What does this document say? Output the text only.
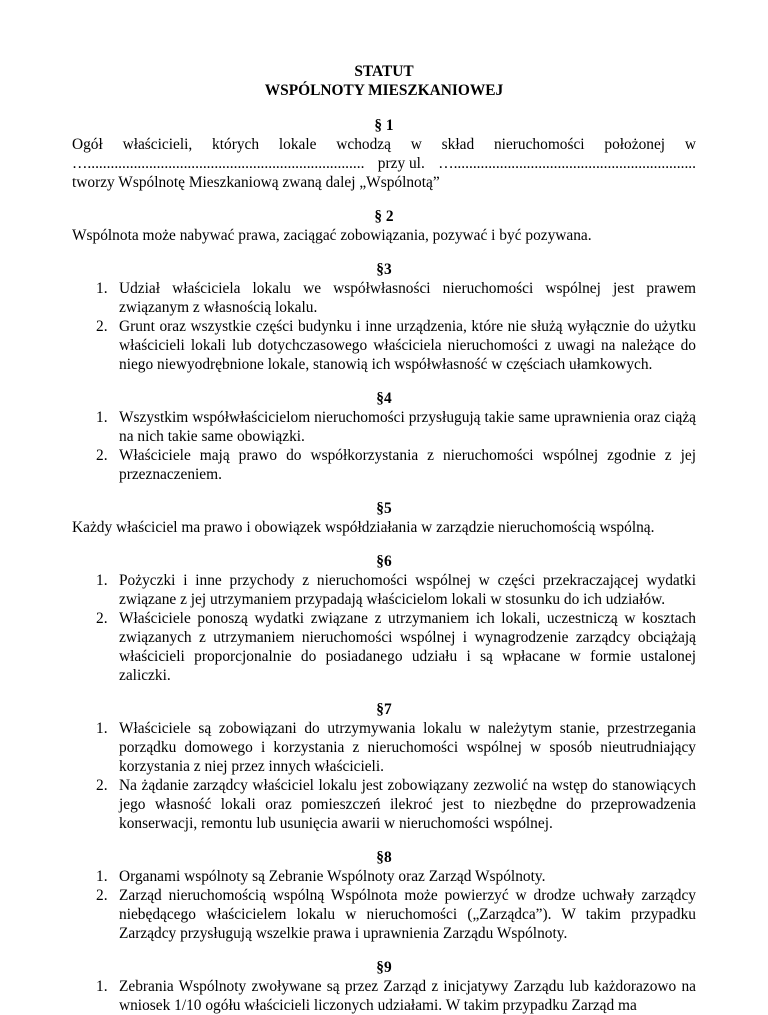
STATUT
WSPÓLNOTY MIESZKANIOWEJ
§ 1
Ogół właścicieli, których lokale wchodzą w skład nieruchomości położonej w
…........................................................................ przy ul. …...............................................................
tworzy Wspólnotę Mieszkaniową zwaną dalej „Wspólnotą”
§ 2
Wspólnota może nabywać prawa, zaciągać zobowiązania, pozywać i być pozywana.
§3
1. Udział właściciela lokalu we współwłasności nieruchomości wspólnej jest prawem związanym z własnością lokalu.
2. Grunt oraz wszystkie części budynku i inne urządzenia, które nie służą wyłącznie do użytku właścicieli lokali lub dotychczasowego właściciela nieruchomości z uwagi na należące do niego niewyodrębnione lokale, stanowią ich współwłasność w częściach ułamkowych.
§4
1. Wszystkim współwłaścicielom nieruchomości przysługują takie same uprawnienia oraz ciążą na nich takie same obowiązki.
2. Właściciele mają prawo do współkorzystania z nieruchomości wspólnej zgodnie z jej przeznaczeniem.
§5
Każdy właściciel ma prawo i obowiązek współdziałania w zarządzie nieruchomością wspólną.
§6
1. Pożyczki i inne przychody z nieruchomości wspólnej w części przekraczającej wydatki związane z jej utrzymaniem przypadają właścicielom lokali w stosunku do ich udziałów.
2. Właściciele ponoszą wydatki związane z utrzymaniem ich lokali, uczestniczą w kosztach związanych z utrzymaniem nieruchomości wspólnej i wynagrodzenie zarządcy obciążają właścicieli proporcjonalnie do posiadanego udziału i są wpłacane w formie ustalonej zaliczki.
§7
1. Właściciele są zobowiązani do utrzymywania lokalu w należytym stanie, przestrzegania porządku domowego i korzystania z nieruchomości wspólnej w sposób nieutrudniający korzystania z niej przez innych właścicieli.
2. Na żądanie zarządcy właściciel lokalu jest zobowiązany zezwolić na wstęp do stanowiących jego własność lokali oraz pomieszczeń ilekroć jest to niezbędne do przeprowadzenia konserwacji, remontu lub usunięcia awarii w nieruchomości wspólnej.
§8
1. Organami wspólnoty są Zebranie Wspólnoty oraz Zarząd Wspólnoty.
2. Zarząd nieruchomością wspólną Wspólnota może powierzyć w drodze uchwały zarządcy niebędącego właścicielem lokalu w nieruchomości („Zarządca”). W takim przypadku Zarządcy przysługują wszelkie prawa i uprawnienia Zarządu Wspólnoty.
§9
1. Zebrania Wspólnoty zwoływane są przez Zarząd z inicjatywy Zarządu lub każdorazowo na wniosek 1/10 ogółu właścicieli liczonych udziałami. W takim przypadku Zarząd ma
